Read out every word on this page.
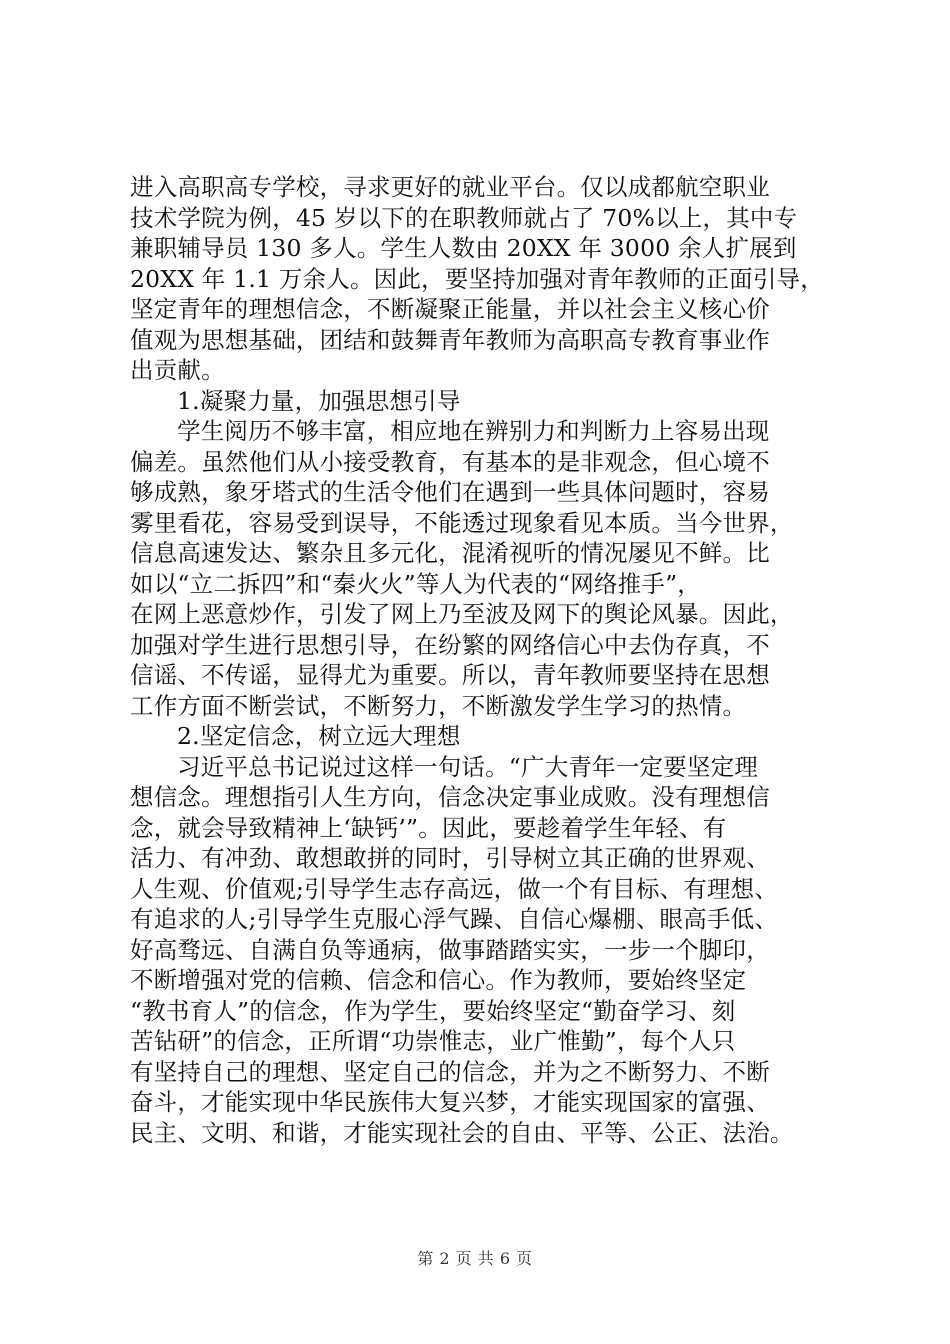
进入高职高专学校，寻求更好的就业平台。仅以成都航空职业
技术学院为例，45 岁以下的在职教师就占了 70%以上，其中专
兼职辅导员 130 多人。学生人数由 20XX 年 3000 余人扩展到
20XX 年 1.1 万余人。因此，要坚持加强对青年教师的正面引导，
坚定青年的理想信念，不断凝聚正能量，并以社会主义核心价
值观为思想基础，团结和鼓舞青年教师为高职高专教育事业作
出贡献。
1.凝聚力量，加强思想引导
学生阅历不够丰富，相应地在辨别力和判断力上容易出现
偏差。虽然他们从小接受教育，有基本的是非观念，但心境不
够成熟，象牙塔式的生活令他们在遇到一些具体问题时，容易
雾里看花，容易受到误导，不能透过现象看见本质。当今世界，
信息高速发达、繁杂且多元化，混淆视听的情况屡见不鲜。比
如以“立二拆四”和“秦火火”等人为代表的“网络推手”，
在网上恶意炒作，引发了网上乃至波及网下的舆论风暴。因此，
加强对学生进行思想引导，在纷繁的网络信心中去伪存真，不
信谣、不传谣，显得尤为重要。所以，青年教师要坚持在思想
工作方面不断尝试，不断努力，不断激发学生学习的热情。
2.坚定信念，树立远大理想
习近平总书记说过这样一句话。“广大青年一定要坚定理
想信念。理想指引人生方向，信念决定事业成败。没有理想信
念，就会导致精神上‘缺钙’”。因此，要趁着学生年轻、有
活力、有冲劲、敢想敢拼的同时，引导树立其正确的世界观、
人生观、价值观;引导学生志存高远，做一个有目标、有理想、
有追求的人;引导学生克服心浮气躁、自信心爆棚、眼高手低、
好高骛远、自满自负等通病，做事踏踏实实，一步一个脚印，
不断增强对党的信赖、信念和信心。作为教师，要始终坚定
“教书育人”的信念，作为学生，要始终坚定“勤奋学习、刻
苦钻研”的信念，正所谓“功崇惟志，业广惟勤”，每个人只
有坚持自己的理想、坚定自己的信念，并为之不断努力、不断
奋斗，才能实现中华民族伟大复兴梦，才能实现国家的富强、
民主、文明、和谐，才能实现社会的自由、平等、公正、法治。
第 2 页 共 6 页
